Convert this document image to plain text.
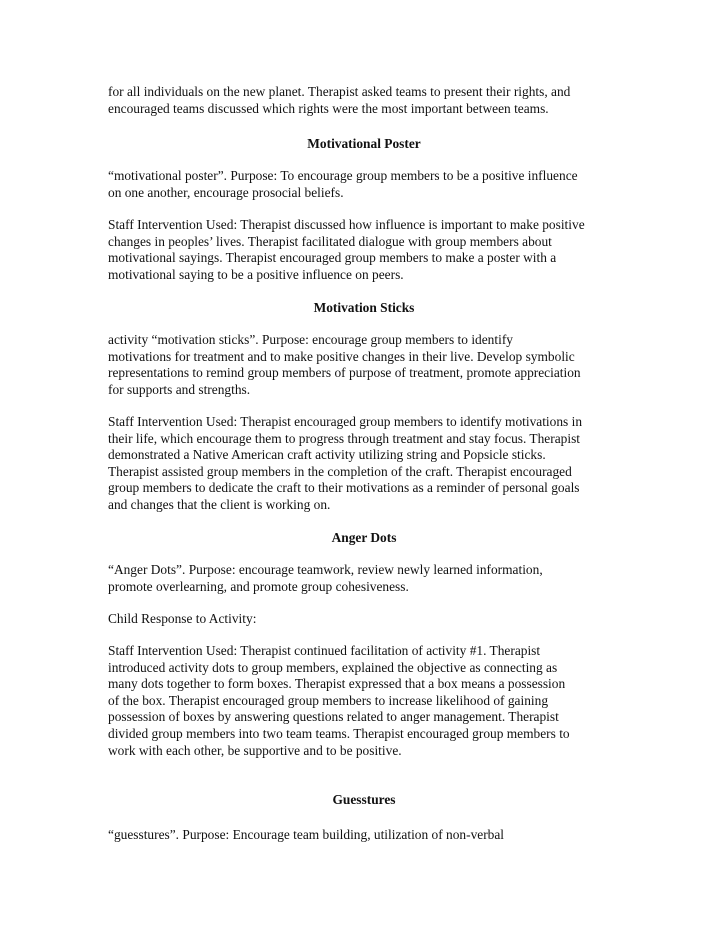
for all individuals on the new planet. Therapist asked teams to present their rights, and
encouraged teams discussed which rights were the most important between teams.

Motivational Poster

“motivational poster”. Purpose: To encourage group members to be a positive influence
on one another, encourage prosocial beliefs.

Staff Intervention Used: Therapist discussed how influence is important to make positive
changes in peoples’ lives. Therapist facilitated dialogue with group members about
motivational sayings. Therapist encouraged group members to make a poster with a
motivational saying to be a positive influence on peers.

Motivation Sticks

activity “motivation sticks”. Purpose: encourage group members to identify
motivations for treatment and to make positive changes in their live. Develop symbolic
representations to remind group members of purpose of treatment, promote appreciation
for supports and strengths.

Staff Intervention Used: Therapist encouraged group members to identify motivations in
their life, which encourage them to progress through treatment and stay focus. Therapist
demonstrated a Native American craft activity utilizing string and Popsicle sticks.
Therapist assisted group members in the completion of the craft. Therapist encouraged
group members to dedicate the craft to their motivations as a reminder of personal goals
and changes that the client is working on.

Anger Dots

“Anger Dots”. Purpose: encourage teamwork, review newly learned information,
promote overlearning, and promote group cohesiveness.

Child Response to Activity:

Staff Intervention Used: Therapist continued facilitation of activity #1. Therapist
introduced activity dots to group members, explained the objective as connecting as
many dots together to form boxes. Therapist expressed that a box means a possession
of the box. Therapist encouraged group members to increase likelihood of gaining
possession of boxes by answering questions related to anger management. Therapist
divided group members into two team teams. Therapist encouraged group members to
work with each other, be supportive and to be positive.

Guesstures

“guesstures”. Purpose: Encourage team building, utilization of non-verbal
